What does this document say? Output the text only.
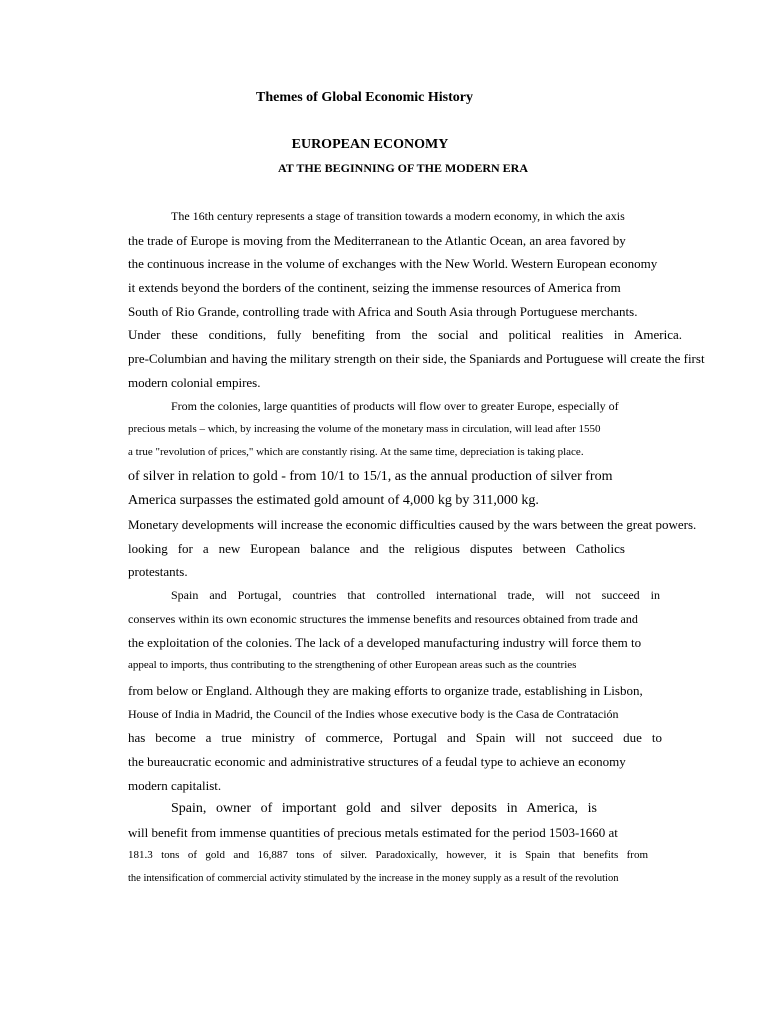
Themes of Global Economic History
EUROPEAN ECONOMY
AT THE BEGINNING OF THE MODERN ERA
The 16th century represents a stage of transition towards a modern economy, in which the axis
the trade of Europe is moving from the Mediterranean to the Atlantic Ocean, an area favored by
the continuous increase in the volume of exchanges with the New World. Western European economy
it extends beyond the borders of the continent, seizing the immense resources of America from
South of Rio Grande, controlling trade with Africa and South Asia through Portuguese merchants.
Under these conditions, fully benefiting from the social and political realities in America.
pre-Columbian and having the military strength on their side, the Spaniards and Portuguese will create the first
modern colonial empires.
From the colonies, large quantities of products will flow over to greater Europe, especially of
precious metals – which, by increasing the volume of the monetary mass in circulation, will lead after 1550
a true "revolution of prices," which are constantly rising. At the same time, depreciation is taking place.
of silver in relation to gold - from 10/1 to 15/1, as the annual production of silver from
America surpasses the estimated gold amount of 4,000 kg by 311,000 kg.
Monetary developments will increase the economic difficulties caused by the wars between the great powers.
looking for a new European balance and the religious disputes between Catholics
protestants.
Spain and Portugal, countries that controlled international trade, will not succeed in
conserves within its own economic structures the immense benefits and resources obtained from trade and
the exploitation of the colonies. The lack of a developed manufacturing industry will force them to
appeal to imports, thus contributing to the strengthening of other European areas such as the countries
from below or England. Although they are making efforts to organize trade, establishing in Lisbon,
House of India in Madrid, the Council of the Indies whose executive body is the Casa de Contratación
has become a true ministry of commerce, Portugal and Spain will not succeed due to
the bureaucratic economic and administrative structures of a feudal type to achieve an economy
modern capitalist.
Spain, owner of important gold and silver deposits in America, is
will benefit from immense quantities of precious metals estimated for the period 1503-1660 at
181.3 tons of gold and 16,887 tons of silver. Paradoxically, however, it is Spain that benefits from
the intensification of commercial activity stimulated by the increase in the money supply as a result of the revolution
